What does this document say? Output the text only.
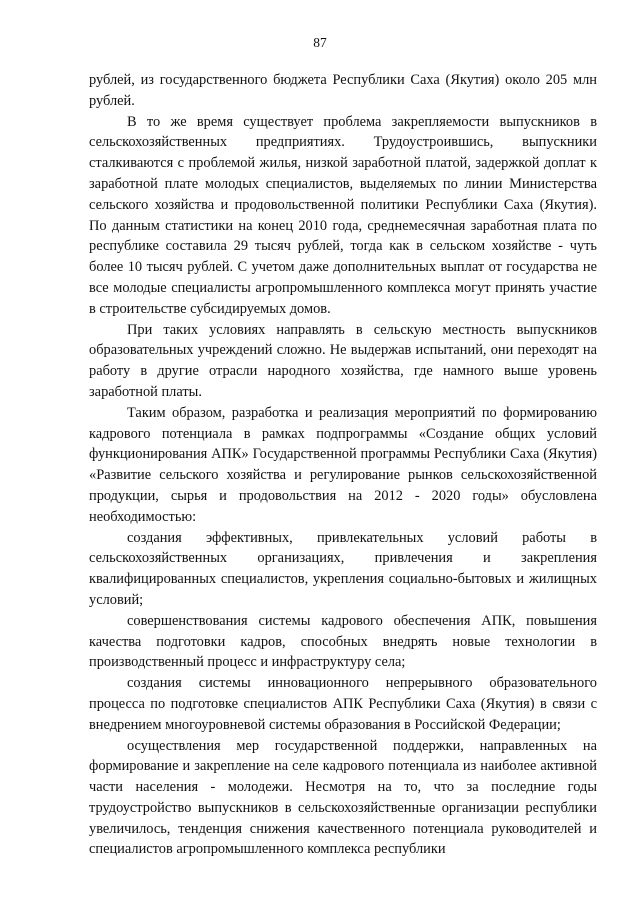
87

рублей, из государственного бюджета Республики Саха (Якутия) около 205 млн рублей.

В то же время существует проблема закрепляемости выпускников в сельскохозяйственных предприятиях. Трудоустроившись, выпускники сталкиваются с проблемой жилья, низкой заработной платой, задержкой доплат к заработной плате молодых специалистов, выделяемых по линии Министерства сельского хозяйства и продовольственной политики Республики Саха (Якутия). По данным статистики на конец 2010 года, среднемесячная заработная плата по республике составила 29 тысяч рублей, тогда как в сельском хозяйстве - чуть более 10 тысяч рублей. С учетом даже дополнительных выплат от государства не все молодые специалисты агропромышленного комплекса могут принять участие в строительстве субсидируемых домов.

При таких условиях направлять в сельскую местность выпускников образовательных учреждений сложно. Не выдержав испытаний, они переходят на работу в другие отрасли народного хозяйства, где намного выше уровень заработной платы.

Таким образом, разработка и реализация мероприятий по формированию кадрового потенциала в рамках подпрограммы «Создание общих условий функционирования АПК» Государственной программы Республики Саха (Якутия) «Развитие сельского хозяйства и регулирование рынков сельскохозяйственной продукции, сырья и продовольствия на 2012 - 2020 годы» обусловлена необходимостью:

создания эффективных, привлекательных условий работы в сельскохозяйственных организациях, привлечения и закрепления квалифицированных специалистов, укрепления социально-бытовых и жилищных условий;

совершенствования системы кадрового обеспечения АПК, повышения качества подготовки кадров, способных внедрять новые технологии в производственный процесс и инфраструктуру села;

создания системы инновационного непрерывного образовательного процесса по подготовке специалистов АПК Республики Саха (Якутия) в связи с внедрением многоуровневой системы образования в Российской Федерации;

осуществления мер государственной поддержки, направленных на формирование и закрепление на селе кадрового потенциала из наиболее активной части населения - молодежи. Несмотря на то, что за последние годы трудоустройство выпускников в сельскохозяйственные организации республики увеличилось, тенденция снижения качественного потенциала руководителей и специалистов агропромышленного комплекса республики
